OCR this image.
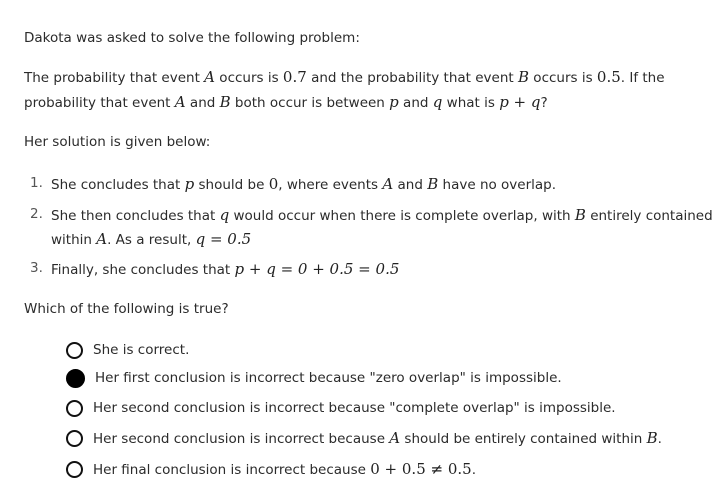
Dakota was asked to solve the following problem:
The probability that event A occurs is 0.7 and the probability that event B occurs is 0.5. If the
probability that event A and B both occur is between p and q what is p + q?
Her solution is given below:
1. She concludes that p should be 0, where events A and B have no overlap.
2. She then concludes that q would occur when there is complete overlap, with B entirely contained
within A. As a result, q = 0.5
3. Finally, she concludes that p + q = 0 + 0.5 = 0.5
Which of the following is true?
She is correct.
Her first conclusion is incorrect because "zero overlap" is impossible.
Her second conclusion is incorrect because "complete overlap" is impossible.
Her second conclusion is incorrect because A should be entirely contained within B.
Her final conclusion is incorrect because 0 + 0.5 ≠ 0.5.
